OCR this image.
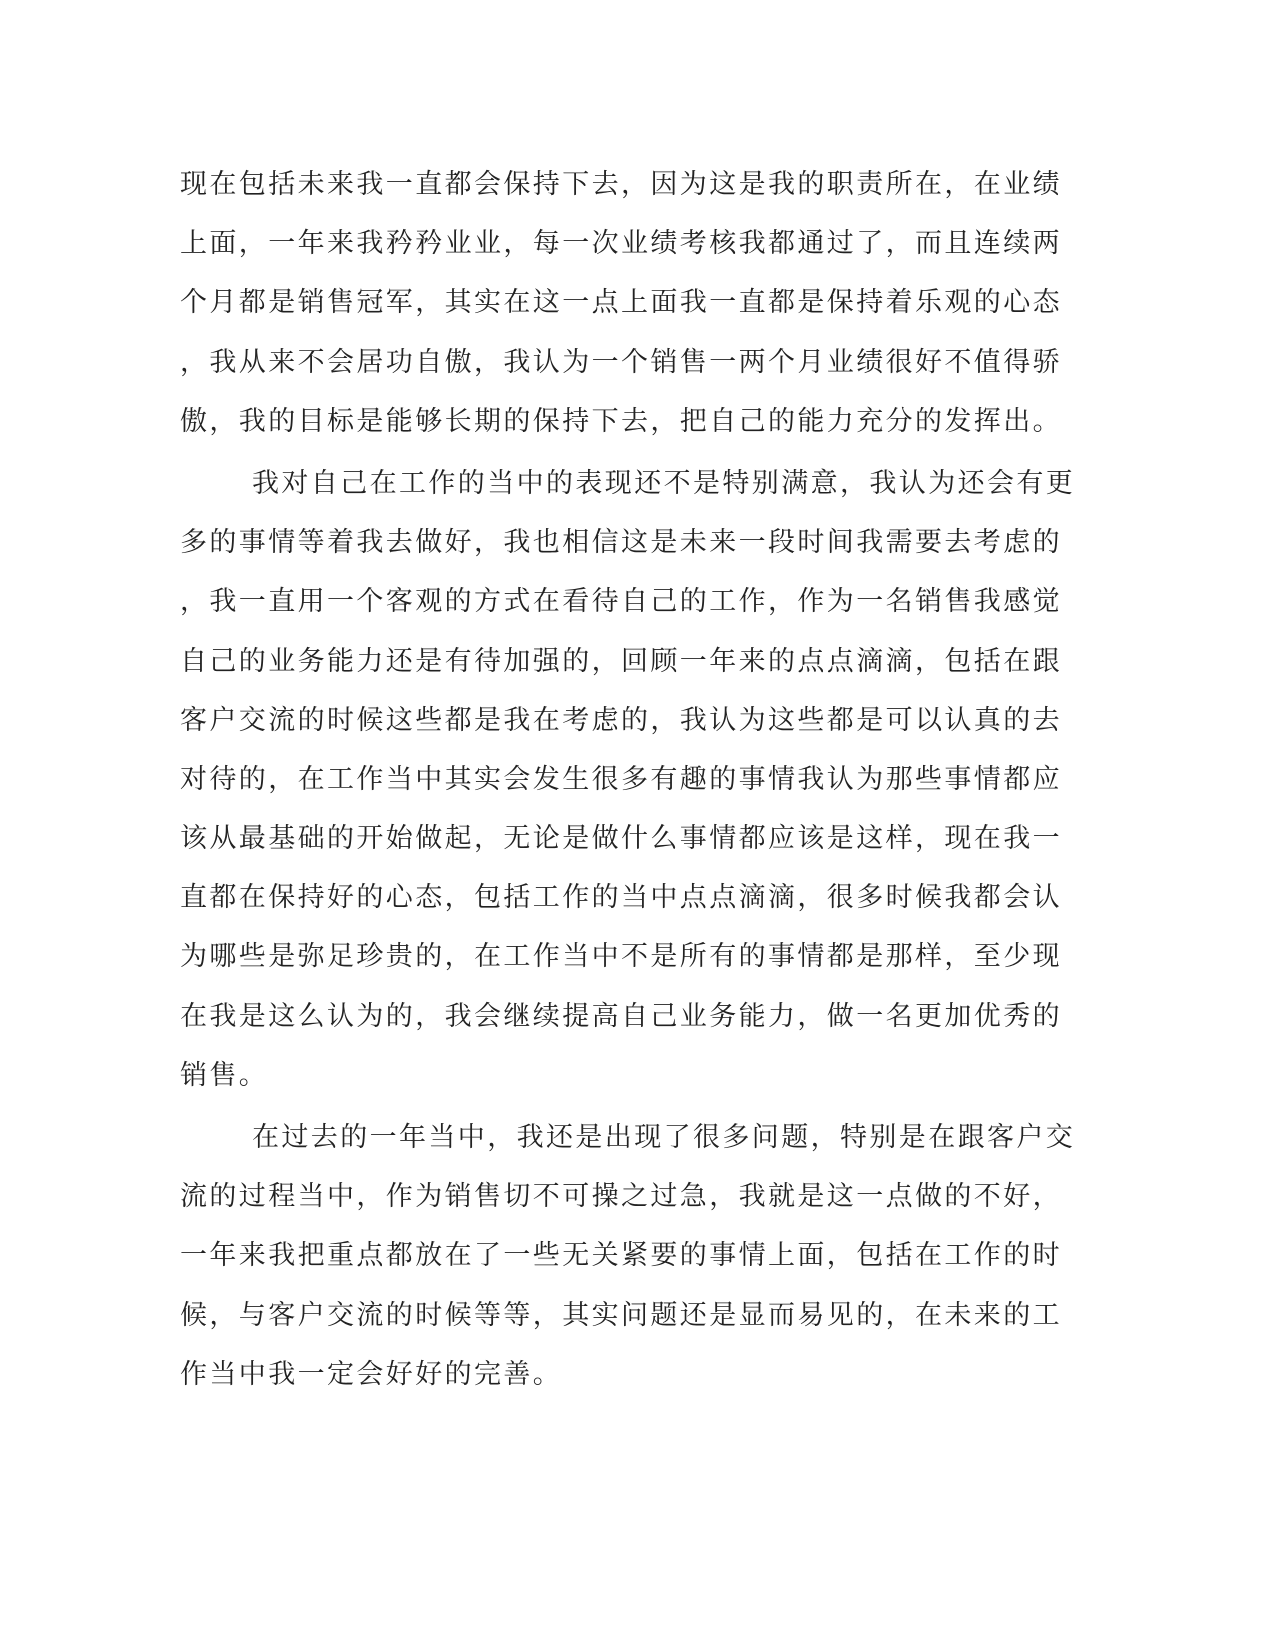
现在包括未来我一直都会保持下去，因为这是我的职责所在，在业绩
上面，一年来我矜矜业业，每一次业绩考核我都通过了，而且连续两
个月都是销售冠军，其实在这一点上面我一直都是保持着乐观的心态
，我从来不会居功自傲，我认为一个销售一两个月业绩很好不值得骄
傲，我的目标是能够长期的保持下去，把自己的能力充分的发挥出。
我对自己在工作的当中的表现还不是特别满意，我认为还会有更
多的事情等着我去做好，我也相信这是未来一段时间我需要去考虑的
，我一直用一个客观的方式在看待自己的工作，作为一名销售我感觉
自己的业务能力还是有待加强的，回顾一年来的点点滴滴，包括在跟
客户交流的时候这些都是我在考虑的，我认为这些都是可以认真的去
对待的，在工作当中其实会发生很多有趣的事情我认为那些事情都应
该从最基础的开始做起，无论是做什么事情都应该是这样，现在我一
直都在保持好的心态，包括工作的当中点点滴滴，很多时候我都会认
为哪些是弥足珍贵的，在工作当中不是所有的事情都是那样，至少现
在我是这么认为的，我会继续提高自己业务能力，做一名更加优秀的
销售。
在过去的一年当中，我还是出现了很多问题，特别是在跟客户交
流的过程当中，作为销售切不可操之过急，我就是这一点做的不好，
一年来我把重点都放在了一些无关紧要的事情上面，包括在工作的时
候，与客户交流的时候等等，其实问题还是显而易见的，在未来的工
作当中我一定会好好的完善。
